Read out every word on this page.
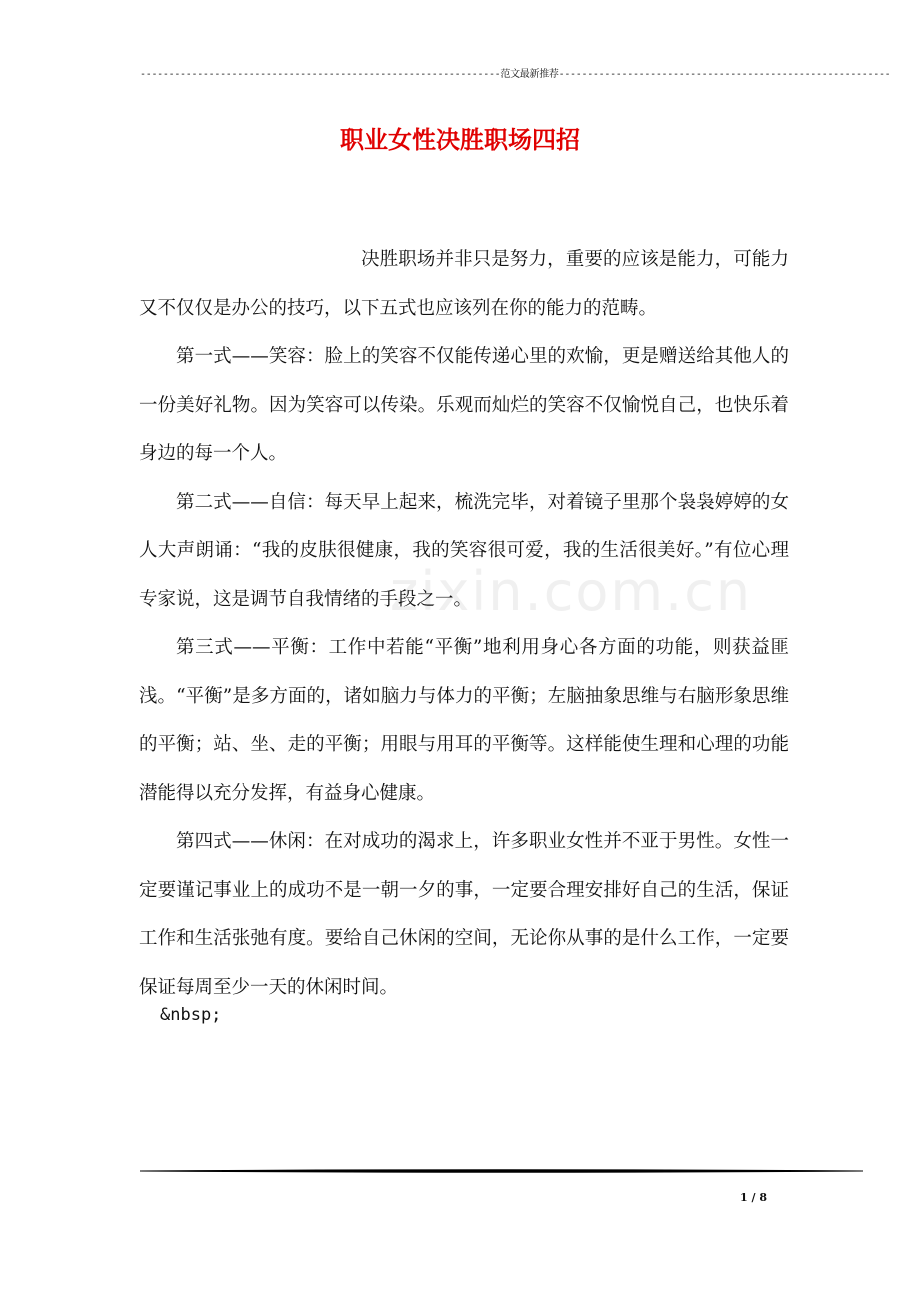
---------------------------------------------------------------范文最新推荐----------------------------------------------------------
职业女性决胜职场四招
zixin.com.cn

决胜职场并非只是努力，重要的应该是能力，可能力又不仅仅是办公的技巧，以下五式也应该列在你的能力的范畴。

第一式——笑容：脸上的笑容不仅能传递心里的欢愉，更是赠送给其他人的一份美好礼物。因为笑容可以传染。乐观而灿烂的笑容不仅愉悦自己，也快乐着身边的每一个人。

第二式——自信：每天早上起来，梳洗完毕，对着镜子里那个袅袅婷婷的女人大声朗诵：“我的皮肤很健康，我的笑容很可爱，我的生活很美好。”有位心理专家说，这是调节自我情绪的手段之一。

第三式——平衡：工作中若能“平衡”地利用身心各方面的功能，则获益匪浅。“平衡”是多方面的，诸如脑力与体力的平衡；左脑抽象思维与右脑形象思维的平衡；站、坐、走的平衡；用眼与用耳的平衡等。这样能使生理和心理的功能潜能得以充分发挥，有益身心健康。

第四式——休闲：在对成功的渴求上，许多职业女性并不亚于男性。女性一定要谨记事业上的成功不是一朝一夕的事，一定要合理安排好自己的生活，保证工作和生活张弛有度。要给自己休闲的空间，无论你从事的是什么工作，一定要保证每周至少一天的休闲时间。

&nbsp;
1 / 8
